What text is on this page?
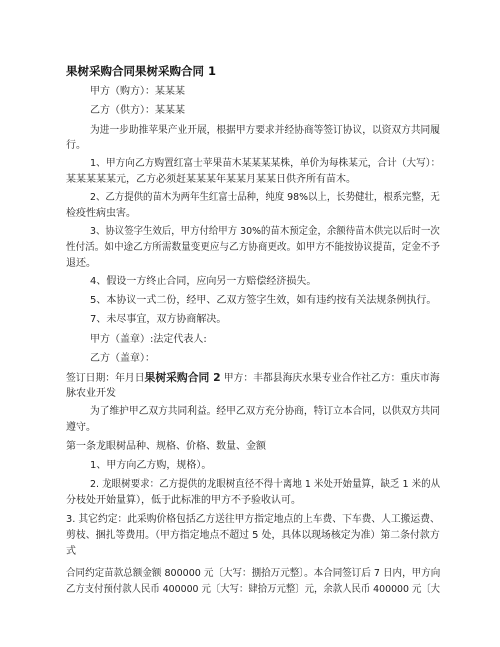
果树采购合同果树采购合同 1
甲方（购方）：某某某
乙方（供方）：某某某
为进一步助推苹果产业开展，根据甲方要求并经协商等签订协议，以资双方共同履
行。
1、甲方向乙方购置红富士苹果苗木某某某某株，单价为每株某元，合计（大写）：
某某某某某元，乙方必须赶某某某年某某月某某日供齐所有苗木。
2、乙方提供的苗木为两年生红富士品种，纯度 98%以上，长势健壮，根系完整，无
检疫性病虫害。
3、协议签字生效后，甲方付给甲方 30%的苗木预定金，余额待苗木供完以后时一次
性付活。如中途乙方所需数量变更应与乙方协商更改。如甲方不能按协议提苗，定金不予
退还。
4、假设一方终止合同，应向另一方赔偿经济损失。
5、本协议一式二份，经甲、乙双方签字生效，如有违约按有关法规条例执行。
7、未尽事宜，双方协商解决。
甲方（盖章）:法定代表人:
乙方（盖章）：
签订日期：年月日果树采购合同 2 甲方：丰都县海庆水果专业合作社乙方：重庆市海
脉农业开发
为了维护甲乙双方共同利益。经甲乙双方充分协商，特订立本合同，以供双方共同
遵守。
第一条龙眼树品种、规格、价格、数量、金额
1、甲方向乙方购，规格）。
2. 龙眼树要求：乙方提供的龙眼树直径不得十离地 1 米处开始量算，缺乏 1 米的从
分枝处开始量算），低于此标准的甲方不予验收认可。
3. 其它约定：此采购价格包括乙方送往甲方指定地点的上车费、下车费、人工搬运费、
剪枝、捆扎等费用。（甲方指定地点不超过 5 处，具体以现场核定为准）第二条付款方
式
合同约定苗款总额金额 800000 元〔大写：捌拾万元整〕。本合同签订后 7 日内，甲方向
乙方支付预付款人民币 400000 元〔大写：肆拾万元整〕元，余款人民币 400000 元〔大
